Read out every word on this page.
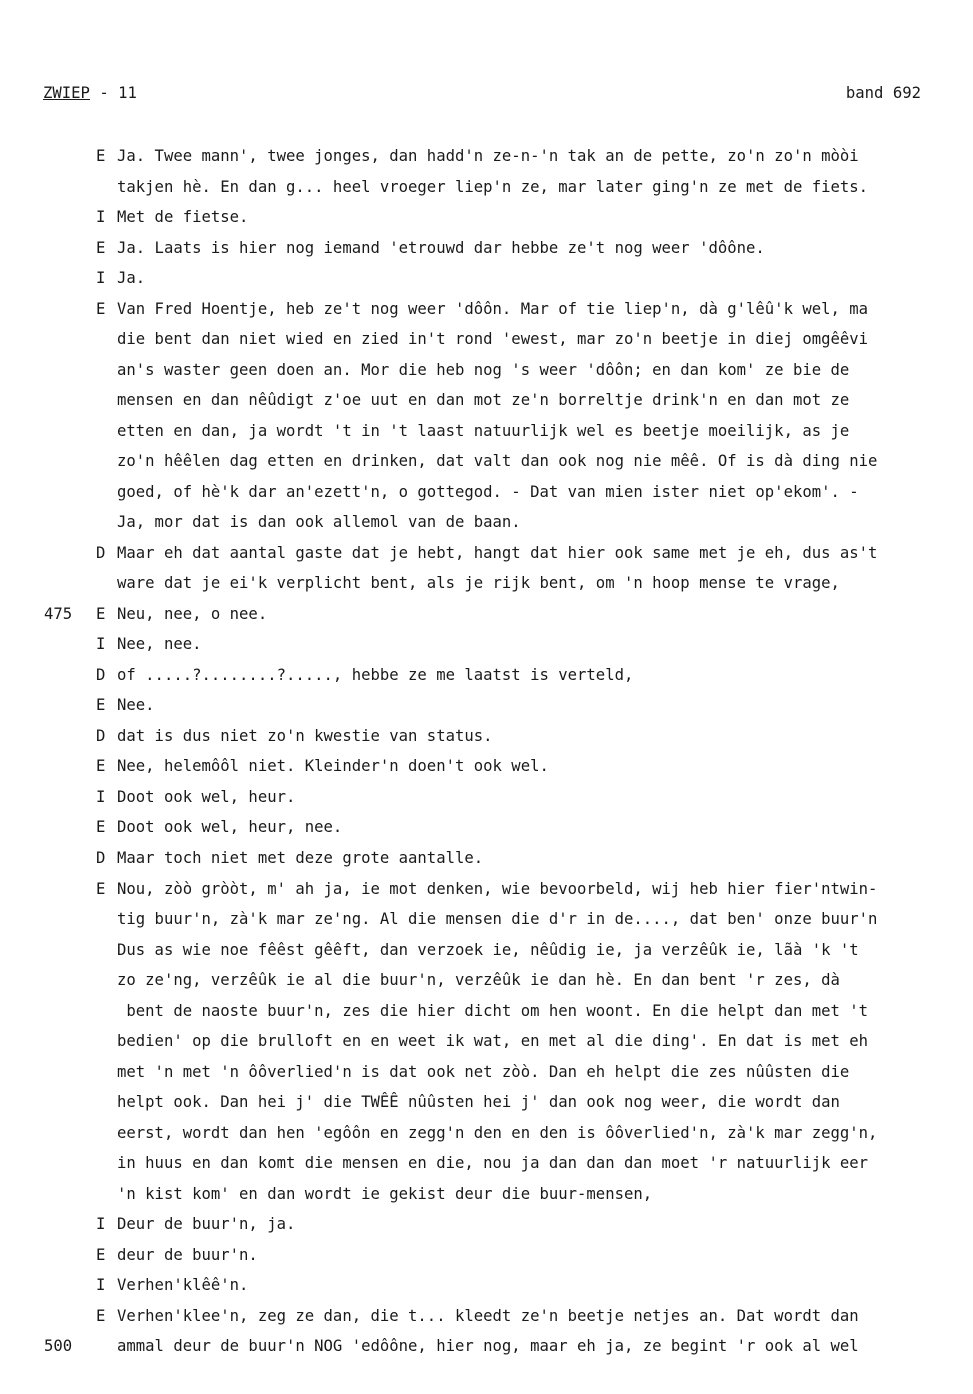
ZWIEP - 11	band 692
E Ja. Twee mann', twee jonges, dan hadd'n ze-n-'n tak an de pette, zo'n zo'n mòòi
takjen hè. En dan g... heel vroeger liep'n ze, mar later ging'n ze met de fiets.
I Met de fietse.
E Ja. Laats is hier nog iemand 'etrouwd dar hebbe ze't nog weer 'dôône.
I Ja.
E Van Fred Hoentje, heb ze't nog weer 'dôôn. Mar of tie liep'n, dà g'lêû'k wel, ma
die bent dan niet wied en zied in't rond 'ewest, mar zo'n beetje in diej omgêêvi
an's waster geen doen an. Mor die heb nog 's weer 'dôôn; en dan kom' ze bie de
mensen en dan nêûdigt z'oe uut en dan mot ze'n borreltje drink'n en dan mot ze
etten en dan, ja wordt 't in 't laast natuurlijk wel es beetje moeilijk, as je
zo'n hêêlen dag etten en drinken, dat valt dan ook nog nie mêê. Of is dà ding nie
goed, of hè'k dar an'ezett'n, o gottegod. - Dat van mien ister niet op'ekom'. -
Ja, mor dat is dan ook allemol van de baan.
D Maar eh dat aantal gaste dat je hebt, hangt dat hier ook same met je eh, dus as't
ware dat je ei'k verplicht bent, als je rijk bent, om 'n hoop mense te vrage,
475 E Neu, nee, o nee.
I Nee, nee.
D of .....?........?....., hebbe ze me laatst is verteld,
E Nee.
D dat is dus niet zo'n kwestie van status.
E Nee, helemôôl niet. Kleinder'n doen't ook wel.
I Doot ook wel, heur.
E Doot ook wel, heur, nee.
D Maar toch niet met deze grote aantalle.
E Nou, zòò gròòt, m' ah ja, ie mot denken, wie bevoorbeld, wij heb hier fier'ntwin-
tig buur'n, zà'k mar ze'ng. Al die mensen die d'r in de...., dat ben' onze buur'n
Dus as wie noe fêêst gêêft, dan verzoek ie, nêûdig ie, ja verzêûk ie, lãà 'k 't
zo ze'ng, verzêûk ie al die buur'n, verzêûk ie dan hè. En dan bent 'r zes, dà
bent de naoste buur'n, zes die hier dicht om hen woont. En die helpt dan met 't
bedien' op die brulloft en en weet ik wat, en met al die ding'. En dat is met eh
met 'n met 'n ôôverlied'n is dat ook net zòò. Dan eh helpt die zes nûûsten die
helpt ook. Dan hei j' die TWÊÊ nûûsten hei j' dan ook nog weer, die wordt dan
eerst, wordt dan hen 'egôôn en zegg'n den en den is ôôverlied'n, zà'k mar zegg'n,
in huus en dan komt die mensen en die, nou ja dan dan dan moet 'r natuurlijk eer
'n kist kom' en dan wordt ie gekist deur die buur-mensen,
I Deur de buur'n, ja.
E deur de buur'n.
I Verhen'klêê'n.
E Verhen'klee'n, zeg ze dan, die t... kleedt ze'n beetje netjes an. Dat wordt dan
500	ammal deur de buur'n NOG 'edôône, hier nog, maar eh ja, ze begint 'r ook al wel
